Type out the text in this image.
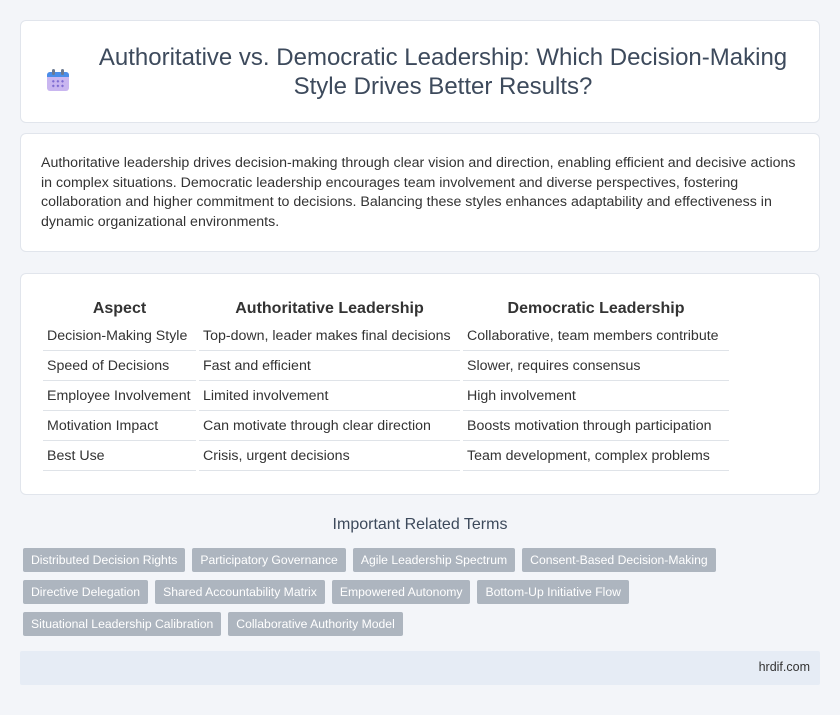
Authoritative vs. Democratic Leadership: Which Decision-Making Style Drives Better Results?

Authoritative leadership drives decision-making through clear vision and direction, enabling efficient and decisive actions in complex situations. Democratic leadership encourages team involvement and diverse perspectives, fostering collaboration and higher commitment to decisions. Balancing these styles enhances adaptability and effectiveness in dynamic organizational environments.

Aspect	Authoritative Leadership	Democratic Leadership
Decision-Making Style	Top-down, leader makes final decisions	Collaborative, team members contribute
Speed of Decisions	Fast and efficient	Slower, requires consensus
Employee Involvement	Limited involvement	High involvement
Motivation Impact	Can motivate through clear direction	Boosts motivation through participation
Best Use	Crisis, urgent decisions	Team development, complex problems
Important Related Terms
Distributed Decision Rights	Participatory Governance	Agile Leadership Spectrum	Consent-Based Decision-Making
Directive Delegation	Shared Accountability Matrix	Empowered Autonomy	Bottom-Up Initiative Flow
Situational Leadership Calibration	Collaborative Authority Model
hrdif.com
